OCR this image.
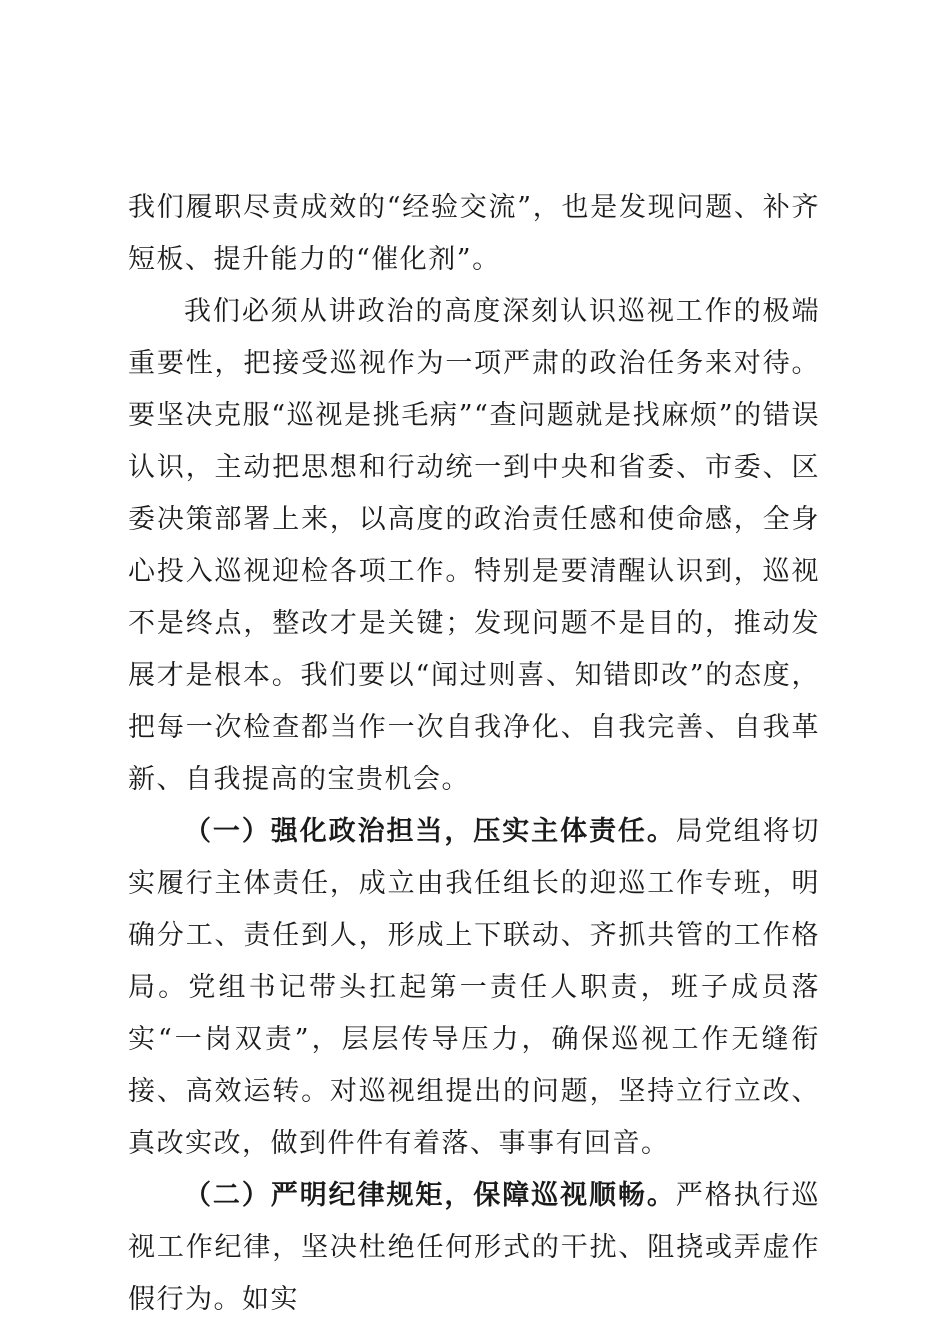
我们履职尽责成效的“经验交流”，也是发现问题、补齐短板、提升能力的“催化剂”。

我们必须从讲政治的高度深刻认识巡视工作的极端重要性，把接受巡视作为一项严肃的政治任务来对待。要坚决克服“巡视是挑毛病”“查问题就是找麻烦”的错误认识，主动把思想和行动统一到中央和省委、市委、区委决策部署上来，以高度的政治责任感和使命感，全身心投入巡视迎检各项工作。特别是要清醒认识到，巡视不是终点，整改才是关键；发现问题不是目的，推动发展才是根本。我们要以“闻过则喜、知错即改”的态度，把每一次检查都当作一次自我净化、自我完善、自我革新、自我提高的宝贵机会。

（一）强化政治担当，压实主体责任。局党组将切实履行主体责任，成立由我任组长的迎巡工作专班，明确分工、责任到人，形成上下联动、齐抓共管的工作格局。党组书记带头扛起第一责任人职责，班子成员落实“一岗双责”，层层传导压力，确保巡视工作无缝衔接、高效运转。对巡视组提出的问题，坚持立行立改、真改实改，做到件件有着落、事事有回音。

（二）严明纪律规矩，保障巡视顺畅。严格执行巡视工作纪律，坚决杜绝任何形式的干扰、阻挠或弄虚作假行为。如实
